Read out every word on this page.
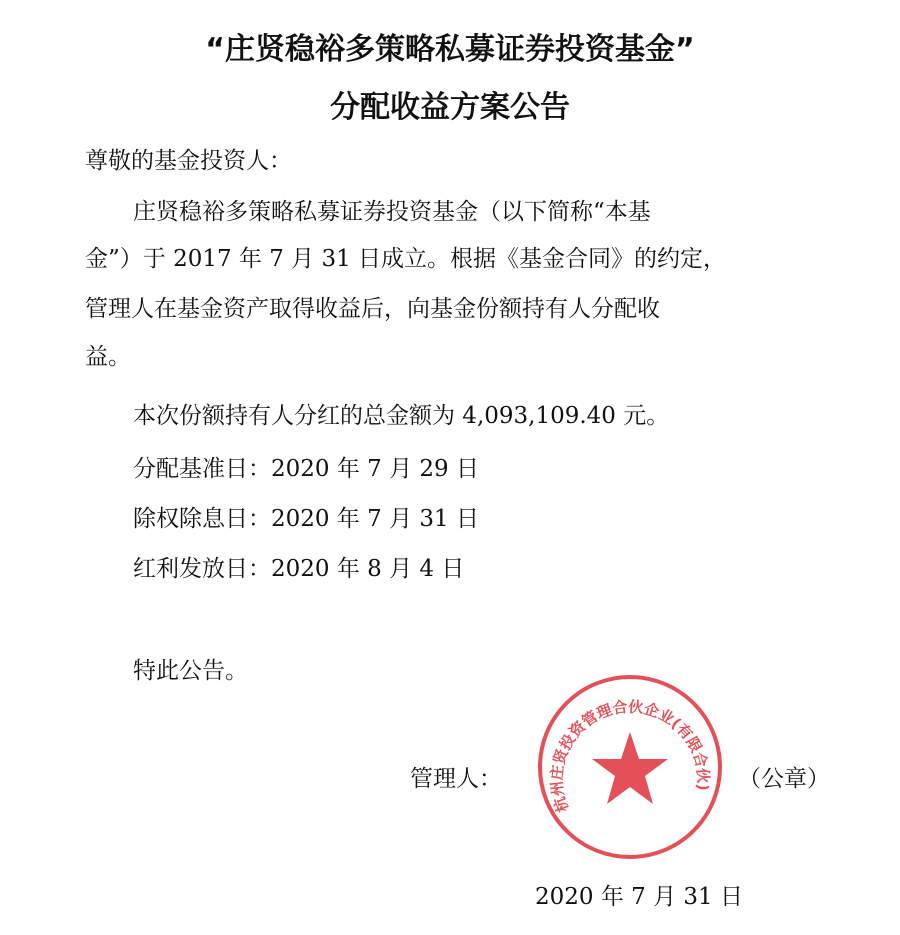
“庄贤稳裕多策略私募证券投资基金”
分配收益方案公告
尊敬的基金投资人：
庄贤稳裕多策略私募证券投资基金（以下简称“本基
金”）于 2017 年 7 月 31 日成立。根据《基金合同》的约定，
管理人在基金资产取得收益后，向基金份额持有人分配收
益。
本次份额持有人分红的总金额为 4,093,109.40 元。
分配基准日：2020 年 7 月 29 日
除权除息日：2020 年 7 月 31 日
红利发放日：2020 年 8 月 4 日
特此公告。
管理人：	（公章）
2020 年 7 月 31 日
杭州庄贤投资管理合伙企业(有限合伙)
